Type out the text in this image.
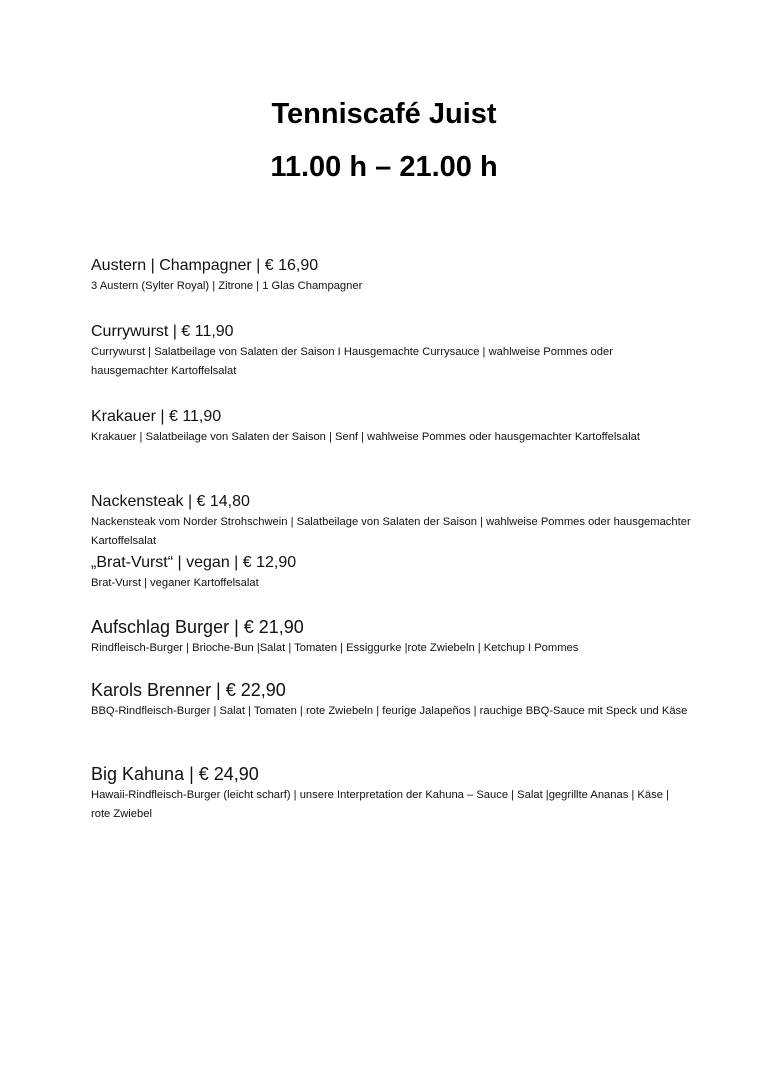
Tenniscafé Juist
11.00 h – 21.00 h

Austern | Champagner | € 16,90

3 Austern (Sylter Royal) | Zitrone | 1 Glas Champagner

Currywurst | € 11,90

Currywurst | Salatbeilage von Salaten der Saison I Hausgemachte Currysauce | wahlweise Pommes oder hausgemachter Kartoffelsalat

Krakauer | € 11,90

Krakauer | Salatbeilage von Salaten der Saison | Senf | wahlweise Pommes oder hausgemachter Kartoffelsalat

Nackensteak | € 14,80

Nackensteak vom Norder Strohschwein | Salatbeilage von Salaten der Saison | wahlweise Pommes oder hausgemachter Kartoffelsalat

„Brat-Vurst“ | vegan | € 12,90

Brat-Vurst | veganer Kartoffelsalat

Aufschlag Burger | € 21,90

Rindfleisch-Burger | Brioche-Bun |Salat | Tomaten | Essiggurke |rote Zwiebeln | Ketchup I Pommes

Karols Brenner | € 22,90

BBQ-Rindfleisch-Burger | Salat | Tomaten | rote Zwiebeln | feurige Jalapeños | rauchige BBQ-Sauce mit Speck und Käse

Big Kahuna | € 24,90

Hawaii-Rindfleisch-Burger (leicht scharf) | unsere Interpretation der Kahuna – Sauce | Salat |gegrillte Ananas | Käse | rote Zwiebel
